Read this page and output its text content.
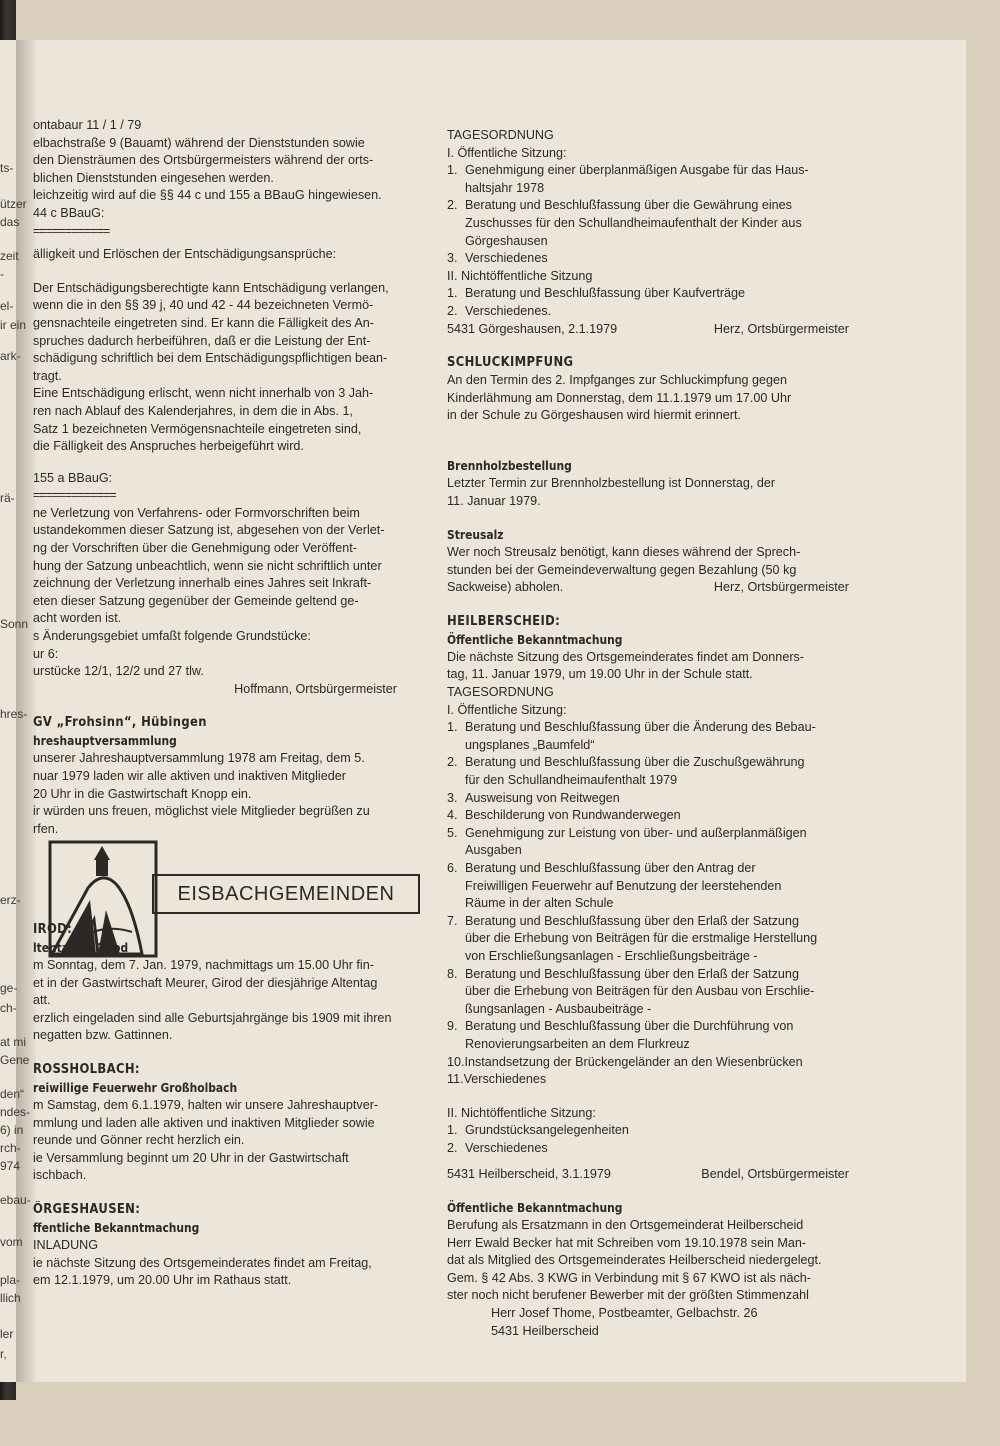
ts-
ützer
das
zeit
-
el-
ir ein
ark-
rä-
Sonn
hres-
erz-
ge-
ch-
at mi
Gene
den“
ndes-
6) in
rch-
974
ebau-
vom
pla-
llich
ler
r,
ontabaur 11 / 1 / 79
elbachstraße 9 (Bauamt) während der Dienststunden sowie
den Diensträumen des Ortsbürgermeisters während der orts-
blichen Dienststunden eingesehen werden.
leichzeitig wird auf die §§ 44 c und 155 a BBauG hingewiesen.
44 c BBauG:
============
älligkeit und Erlöschen der Entschädigungsansprüche:
Der Entschädigungsberechtigte kann Entschädigung verlangen,
wenn die in den §§ 39 j, 40 und 42 - 44 bezeichneten Vermö-
gensnachteile eingetreten sind. Er kann die Fälligkeit des An-
spruches dadurch herbeiführen, daß er die Leistung der Ent-
schädigung schriftlich bei dem Entschädigungspflichtigen bean-
tragt.
Eine Entschädigung erlischt, wenn nicht innerhalb von 3 Jah-
ren nach Ablauf des Kalenderjahres, in dem die in Abs. 1,
Satz 1 bezeichneten Vermögensnachteile eingetreten sind,
die Fälligkeit des Anspruches herbeigeführt wird.
155 a BBauG:
=============
ne Verletzung von Verfahrens- oder Formvorschriften beim
ustandekommen dieser Satzung ist, abgesehen von der Verlet-
ng der Vorschriften über die Genehmigung oder Veröffent-
hung der Satzung unbeachtlich, wenn sie nicht schriftlich unter
zeichnung der Verletzung innerhalb eines Jahres seit Inkraft-
eten dieser Satzung gegenüber der Gemeinde geltend ge-
acht worden ist.
s Änderungsgebiet umfaßt folgende Grundstücke:
ur 6:
urstücke 12/1, 12/2 und 27 tlw.
Hoffmann, Ortsbürgermeister
GV „Frohsinn“, Hübingen
hreshauptversammlung
unserer Jahreshauptversammlung 1978 am Freitag, dem 5.
nuar 1979 laden wir alle aktiven und inaktiven Mitglieder
20 Uhr in die Gastwirtschaft Knopp ein.
ir würden uns freuen, möglichst viele Mitglieder begrüßen zu
rfen.
EISBACHGEMEINDEN
IROD:
ltentag in Girod
m Sonntag, dem 7. Jan. 1979, nachmittags um 15.00 Uhr fin-
et in der Gastwirtschaft Meurer, Girod der diesjährige Altentag
att.
erzlich eingeladen sind alle Geburtsjahrgänge bis 1909 mit ihren
negatten bzw. Gattinnen.
ROSSHOLBACH:
reiwillige Feuerwehr Großholbach
m Samstag, dem 6.1.1979, halten wir unsere Jahreshauptver-
mmlung und laden alle aktiven und inaktiven Mitglieder sowie
reunde und Gönner recht herzlich ein.
ie Versammlung beginnt um 20 Uhr in der Gastwirtschaft
ischbach.
ÖRGESHAUSEN:
ffentliche Bekanntmachung
INLADUNG
ie nächste Sitzung des Ortsgemeinderates findet am Freitag,
em 12.1.1979, um 20.00 Uhr im Rathaus statt.
TAGESORDNUNG
I. Öffentliche Sitzung:
1. Genehmigung einer überplanmäßigen Ausgabe für das Haus-
haltsjahr 1978
2. Beratung und Beschlußfassung über die Gewährung eines
Zuschusses für den Schullandheimaufenthalt der Kinder aus
Görgeshausen
3. Verschiedenes
II. Nichtöffentliche Sitzung
1. Beratung und Beschlußfassung über Kaufverträge
2. Verschiedenes.
5431 Görgeshausen, 2.1.1979	Herz, Ortsbürgermeister
SCHLUCKIMPFUNG
An den Termin des 2. Impfganges zur Schluckimpfung gegen
Kinderlähmung am Donnerstag, dem 11.1.1979 um 17.00 Uhr
in der Schule zu Görgeshausen wird hiermit erinnert.
Brennholzbestellung
Letzter Termin zur Brennholzbestellung ist Donnerstag, der
11. Januar 1979.
Streusalz
Wer noch Streusalz benötigt, kann dieses während der Sprech-
stunden bei der Gemeindeverwaltung gegen Bezahlung (50 kg
Sackweise) abholen.	Herz, Ortsbürgermeister
HEILBERSCHEID:
Öffentliche Bekanntmachung
Die nächste Sitzung des Ortsgemeinderates findet am Donners-
tag, 11. Januar 1979, um 19.00 Uhr in der Schule statt.
TAGESORDNUNG
I. Öffentliche Sitzung:
1. Beratung und Beschlußfassung über die Änderung des Bebau-
ungsplanes „Baumfeld“
2. Beratung und Beschlußfassung über die Zuschußgewährung
für den Schullandheimaufenthalt 1979
3. Ausweisung von Reitwegen
4. Beschilderung von Rundwanderwegen
5. Genehmigung zur Leistung von über- und außerplanmäßigen
Ausgaben
6. Beratung und Beschlußfassung über den Antrag der
Freiwilligen Feuerwehr auf Benutzung der leerstehenden
Räume in der alten Schule
7. Beratung und Beschlußfassung über den Erlaß der Satzung
über die Erhebung von Beiträgen für die erstmalige Herstellung
von Erschließungsanlagen - Erschließungsbeiträge -
8. Beratung und Beschlußfassung über den Erlaß der Satzung
über die Erhebung von Beiträgen für den Ausbau von Erschlie-
ßungsanlagen - Ausbaubeiträge -
9. Beratung und Beschlußfassung über die Durchführung von
Renovierungsarbeiten an dem Flurkreuz
10.Instandsetzung der Brückengeländer an den Wiesenbrücken
11.Verschiedenes
II. Nichtöffentliche Sitzung:
1. Grundstücksangelegenheiten
2. Verschiedenes
5431 Heilberscheid, 3.1.1979	Bendel, Ortsbürgermeister
Öffentliche Bekanntmachung
Berufung als Ersatzmann in den Ortsgemeinderat Heilberscheid
Herr Ewald Becker hat mit Schreiben vom 19.10.1978 sein Man-
dat als Mitglied des Ortsgemeinderates Heilberscheid niedergelegt.
Gem. § 42 Abs. 3 KWG in Verbindung mit § 67 KWO ist als näch-
ster noch nicht berufener Bewerber mit der größten Stimmenzahl
Herr Josef Thome, Postbeamter, Gelbachstr. 26
5431 Heilberscheid
